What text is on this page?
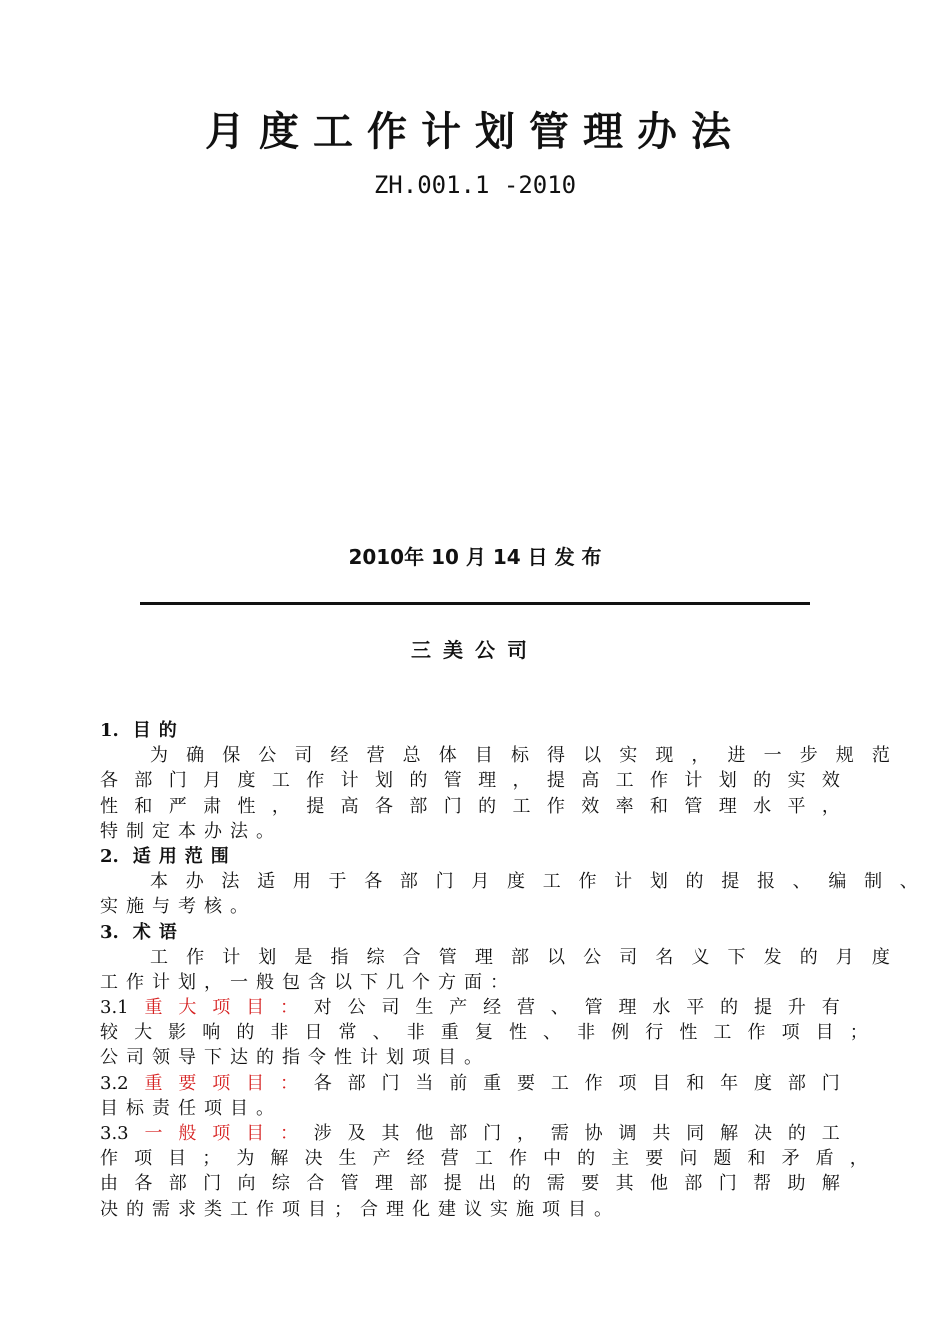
月度工作计划管理办法
ZH.001.1 -2010
2010年 10 月 14 日 发 布
三美公司
1. 目 的
为 确 保 公 司 经 营 总 体 目 标 得 以 实 现 ， 进 一 步 规 范
各 部 门 月 度 工 作 计 划 的 管 理 ， 提 高 工 作 计 划 的 实 效
性 和 严 肃 性 ， 提 高 各 部 门 的 工 作 效 率 和 管 理 水 平 ，
特 制 定 本 办 法 。
2. 适 用 范 围
本 办 法 适 用 于 各 部 门 月 度 工 作 计 划 的 提 报 、 编 制 、
实 施 与 考 核 。
3. 术 语
工 作 计 划 是 指 综 合 管 理 部 以 公 司 名 义 下 发 的 月 度
工 作 计 划 ， 一 般 包 含 以 下 几 个 方 面 ：
3.1 重 大 项 目 ： 对 公 司 生 产 经 营 、 管 理 水 平 的 提 升 有
较 大 影 响 的 非 日 常 、 非 重 复 性 、 非 例 行 性 工 作 项 目 ；
公 司 领 导 下 达 的 指 令 性 计 划 项 目 。
3.2 重 要 项 目 ： 各 部 门 当 前 重 要 工 作 项 目 和 年 度 部 门
目 标 责 任 项 目 。
3.3 一 般 项 目 ： 涉 及 其 他 部 门 ， 需 协 调 共 同 解 决 的 工
作 项 目 ； 为 解 决 生 产 经 营 工 作 中 的 主 要 问 题 和 矛 盾 ，
由 各 部 门 向 综 合 管 理 部 提 出 的 需 要 其 他 部 门 帮 助 解
决 的 需 求 类 工 作 项 目 ； 合 理 化 建 议 实 施 项 目 。
